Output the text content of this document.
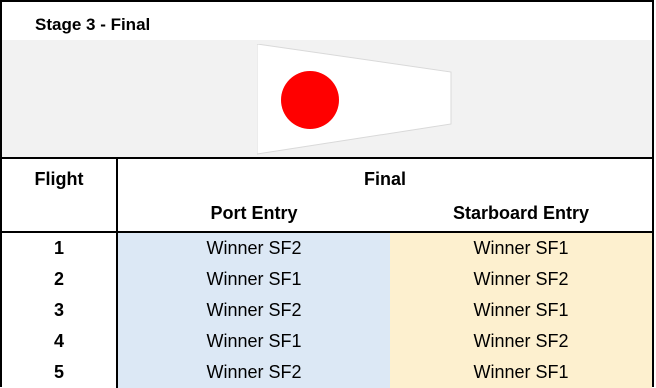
Stage 3 - Final
Flight	Final
Port Entry	Starboard Entry
1	Winner SF2	Winner SF1
2	Winner SF1	Winner SF2
3	Winner SF2	Winner SF1
4	Winner SF1	Winner SF2
5	Winner SF2	Winner SF1
